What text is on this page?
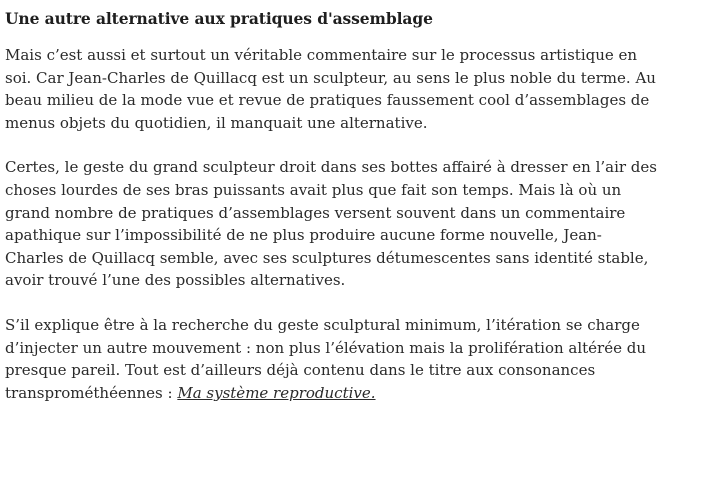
Une autre alternative aux pratiques d'assemblage

Mais c’est aussi et surtout un véritable commentaire sur le processus artistique en
soi. Car Jean-Charles de Quillacq est un sculpteur, au sens le plus noble du terme. Au
beau milieu de la mode vue et revue de pratiques faussement cool d’assemblages de
menus objets du quotidien, il manquait une alternative.

Certes, le geste du grand sculpteur droit dans ses bottes affairé à dresser en l’air des
choses lourdes de ses bras puissants avait plus que fait son temps. Mais là où un
grand nombre de pratiques d’assemblages versent souvent dans un commentaire
apathique sur l’impossibilité de ne plus produire aucune forme nouvelle, Jean-
Charles de Quillacq semble, avec ses sculptures détumescentes sans identité stable,
avoir trouvé l’une des possibles alternatives.

S’il explique être à la recherche du geste sculptural minimum, l’itération se charge
d’injecter un autre mouvement : non plus l’élévation mais la prolifération altérée du
presque pareil. Tout est d’ailleurs déjà contenu dans le titre aux consonances
transprométhéennes : Ma système reproductive.
